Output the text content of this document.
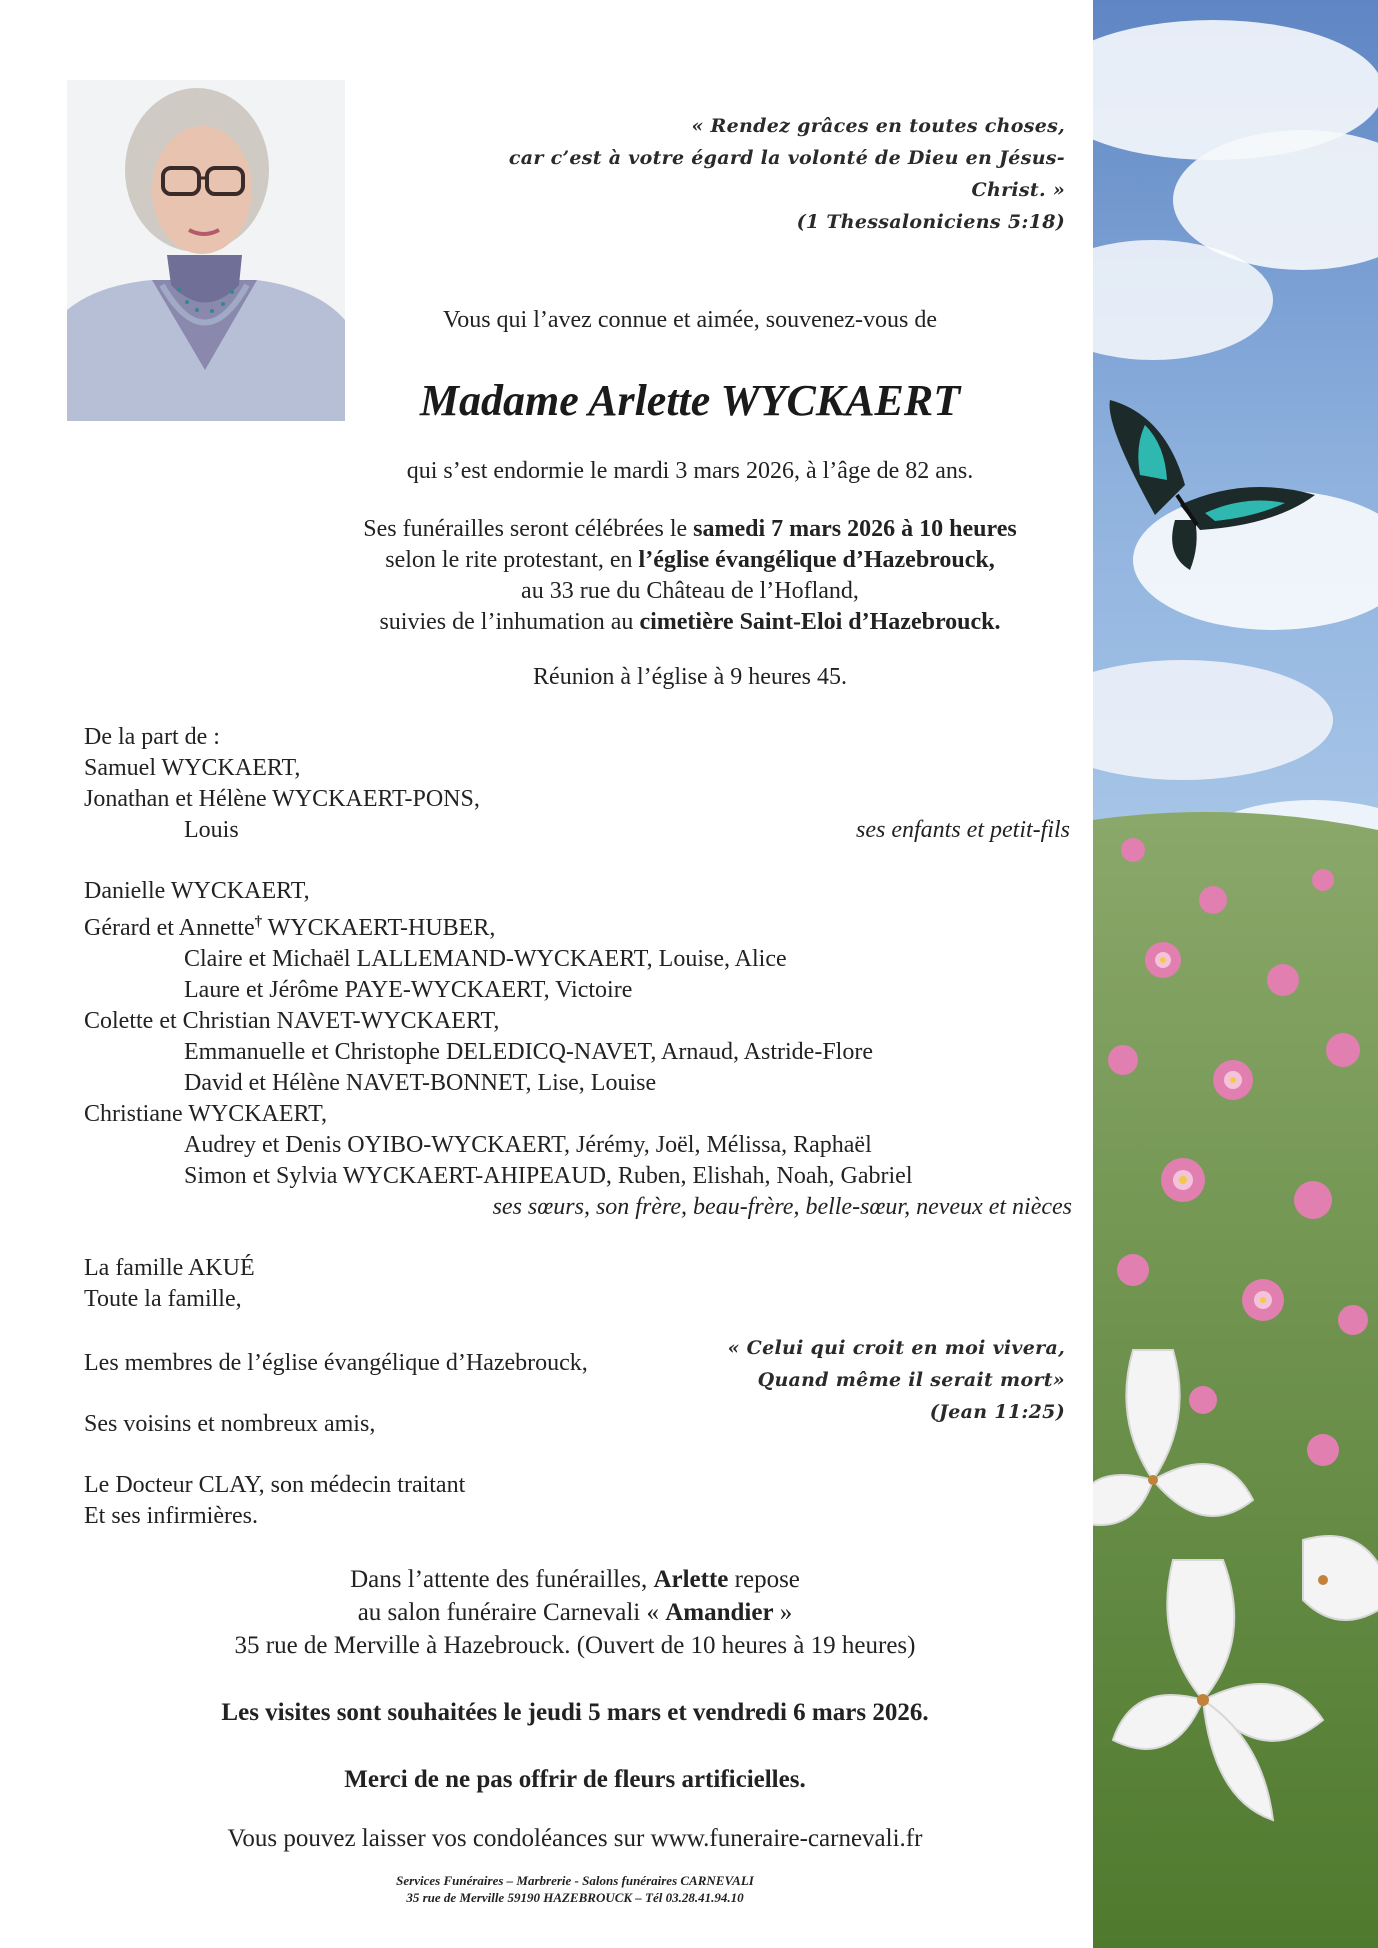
« Rendez grâces en toutes choses,
car c’est à votre égard la volonté de Dieu en Jésus-Christ. »
(1 Thessaloniciens 5:18)
Vous qui l’avez connue et aimée, souvenez-vous de
Madame Arlette WYCKAERT
qui s’est endormie le mardi 3 mars 2026, à l’âge de 82 ans.
Ses funérailles seront célébrées le samedi 7 mars 2026 à 10 heures
selon le rite protestant, en l’église évangélique d’Hazebrouck,
au 33 rue du Château de l’Hofland,
suivies de l’inhumation au cimetière Saint-Eloi d’Hazebrouck.
Réunion à l’église à 9 heures 45.
De la part de :
Samuel WYCKAERT,
Jonathan et Hélène WYCKAERT-PONS,
Louis	ses enfants et petit-fils
Danielle WYCKAERT,
Gérard et Annette† WYCKAERT-HUBER,
Claire et Michaël LALLEMAND-WYCKAERT, Louise, Alice
Laure et Jérôme PAYE-WYCKAERT, Victoire
Colette et Christian NAVET-WYCKAERT,
Emmanuelle et Christophe DELEDICQ-NAVET, Arnaud, Astride-Flore
David et Hélène NAVET-BONNET, Lise, Louise
Christiane WYCKAERT,
Audrey et Denis OYIBO-WYCKAERT, Jérémy, Joël, Mélissa, Raphaël
Simon et Sylvia WYCKAERT-AHIPEAUD, Ruben, Elishah, Noah, Gabriel
ses sœurs, son frère, beau-frère, belle-sœur, neveux et nièces
La famille AKUÉ
Toute la famille,
Les membres de l’église évangélique d’Hazebrouck,
Ses voisins et nombreux amis,
Le Docteur CLAY, son médecin traitant
Et ses infirmières.
« Celui qui croit en moi vivera,
Quand même il serait mort»
(Jean 11:25)
Dans l’attente des funérailles, Arlette repose
au salon funéraire Carnevali « Amandier »
35 rue de Merville à Hazebrouck. (Ouvert de 10 heures à 19 heures)
Les visites sont souhaitées le jeudi 5 mars et vendredi 6 mars 2026.
Merci de ne pas offrir de fleurs artificielles.
Vous pouvez laisser vos condoléances sur www.funeraire-carnevali.fr
Services Funéraires – Marbrerie - Salons funéraires CARNEVALI
35 rue de Merville 59190 HAZEBROUCK – Tél 03.28.41.94.10
